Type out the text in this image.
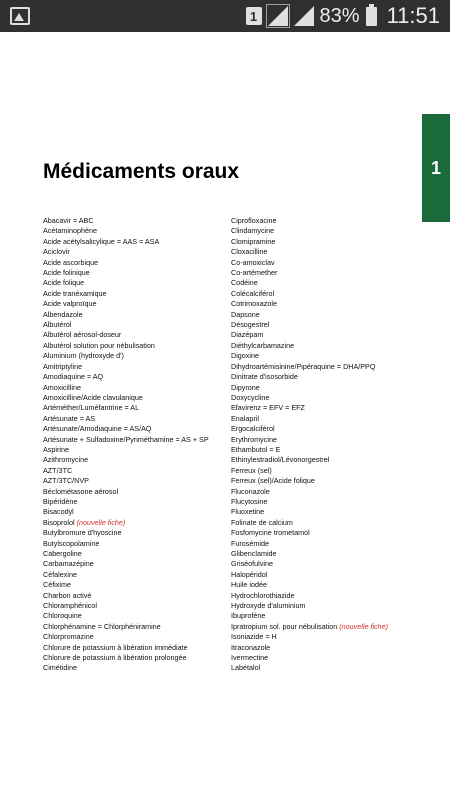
1	83% 11:51
1
Médicaments oraux
Abacavir = ABC
Acétaminophène
Acide acétylsalicylique = AAS = ASA
Aciclovir
Acide ascorbique
Acide folinique
Acide folique
Acide tranéxamique
Acide valproïque
Albendazole
Albutérol
Albutérol aérosol-doseur
Albutérol solution pour nébulisation
Aluminium (hydroxyde d')
Amitriptyline
Amodiaquine = AQ
Amoxicilline
Amoxicilline/Acide clavulanique
Artéméther/Luméfantrine = AL
Artésunate = AS
Artésunate/Amodiaquine = AS/AQ
Artésunate + Sulfadoxine/Pyriméthamine = AS + SP
Aspirine
Azithromycine
AZT/3TC
AZT/3TC/NVP
Béclométasone aérosol
Bipéridène
Bisacodyl
Bisoprolol (nouvelle fiche)
Butylbromure d'hyoscine
Butylscopolamine
Cabergoline
Carbamazépine
Céfalexine
Céfixime
Charbon activé
Chloramphénicol
Chloroquine
Chlorphénamine = Chlorphéniramine
Chlorpromazine
Chlorure de potassium à libération immédiate
Chlorure de potassium à libération prolongée
Cimétidine
Ciprofloxacine
Clindamycine
Clomipramine
Cloxacilline
Co-amoxiclav
Co-artémether
Codéine
Colécalciférol
Cotrimoxazole
Dapsone
Désogestrel
Diazépam
Diéthylcarbamazine
Digoxine
Dihydroartémisinine/Pipéraquine = DHA/PPQ
Dinitrate d'isosorbide
Dipyrone
Doxycycline
Efavirenz = EFV = EFZ
Enalapril
Ergocalciférol
Erythromycine
Ethambutol = E
Ethinylestradiol/Lévonorgestrel
Ferreux (sel)
Ferreux (sel)/Acide folique
Fluconazole
Flucytosine
Fluoxetine
Folinate de calcium
Fosfomycine trometamol
Furosémide
Glibenclamide
Griséofulvine
Halopéridol
Huile iodée
Hydrochlorothiazide
Hydroxyde d'aluminium
Ibuprofène
Ipratropium sol. pour nébulisation (nouvelle fiche)
Isoniazide = H
Itraconazole
Ivermectine
Labétalol
